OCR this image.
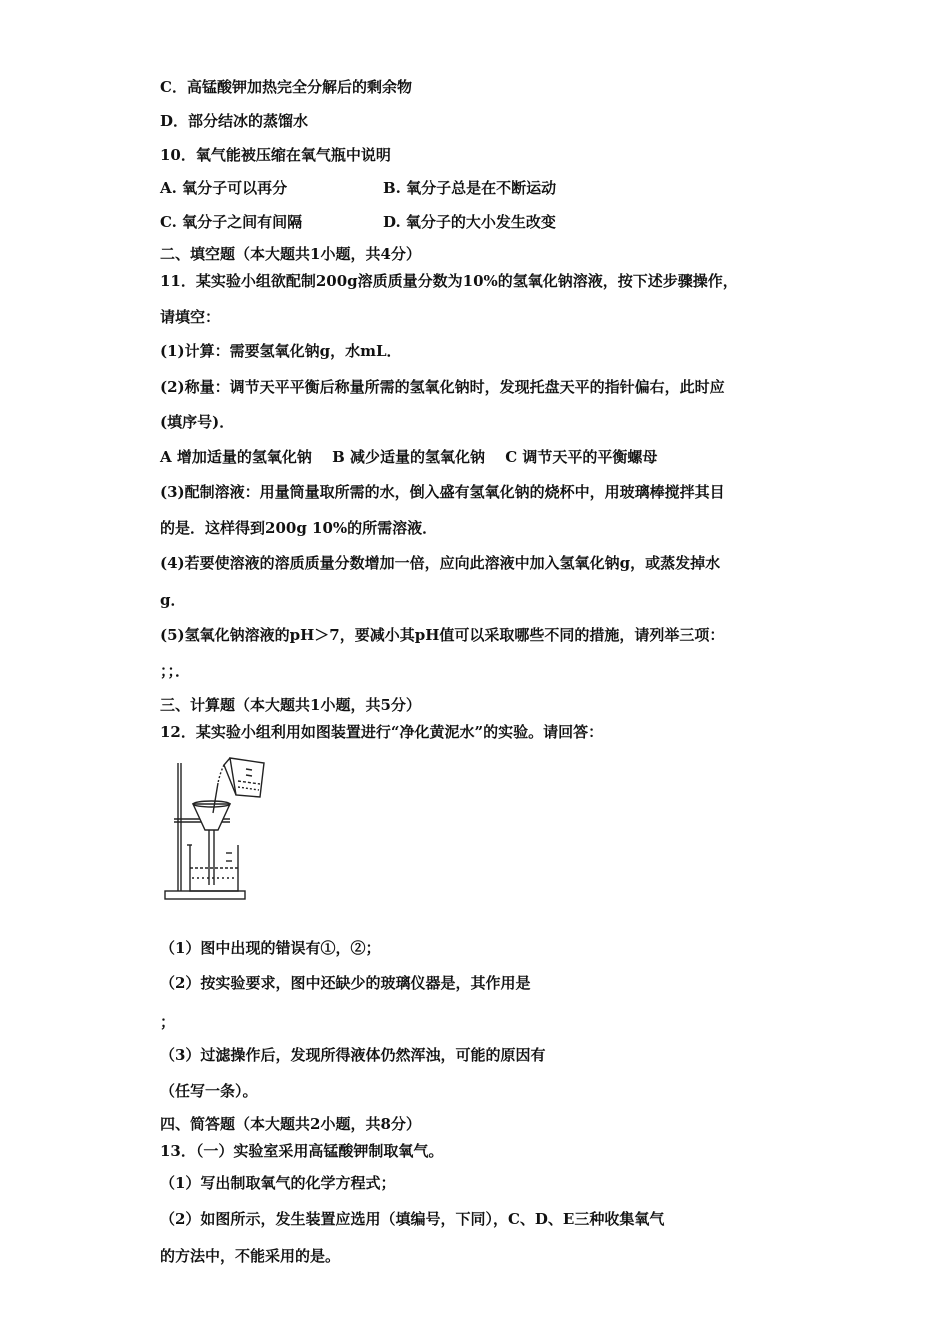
C．高锰酸钾加热完全分解后的剩余物
D．部分结冰的蒸馏水
10．氧气能被压缩在氧气瓶中说明
A. 氧分子可以再分	B. 氧分子总是在不断运动
C. 氧分子之间有间隔	D. 氧分子的大小发生改变
二、填空题（本大题共1小题，共4分）
11．某实验小组欲配制200g溶质质量分数为10%的氢氧化钠溶液，按下述步骤操作，
请填空：
(1)计算：需要氢氧化钠g，水mL．
(2)称量：调节天平平衡后称量所需的氢氧化钠时，发现托盘天平的指针偏右，此时应
(填序号)．
A 增加适量的氢氧化钠　 B 减少适量的氢氧化钠　 C 调节天平的平衡螺母
(3)配制溶液：用量筒量取所需的水，倒入盛有氢氧化钠的烧杯中，用玻璃棒搅拌其目
的是．这样得到200g 10%的所需溶液．
(4)若要使溶液的溶质质量分数增加一倍，应向此溶液中加入氢氧化钠g，或蒸发掉水
g．
(5)氢氧化钠溶液的pH＞7，要减小其pH值可以采取哪些不同的措施，请列举三项：
；；．
三、计算题（本大题共1小题，共5分）
12．某实验小组利用如图装置进行“净化黄泥水”的实验。请回答：
（1）图中出现的错误有①，②；
（2）按实验要求，图中还缺少的玻璃仪器是，其作用是
；
（3）过滤操作后，发现所得液体仍然浑浊，可能的原因有
（任写一条）。
四、简答题（本大题共2小题，共8分）
13．（一）实验室采用高锰酸钾制取氧气。
（1）写出制取氧气的化学方程式；
（2）如图所示，发生装置应选用（填编号，下同），C、D、E三种收集氧气
的方法中，不能采用的是。
